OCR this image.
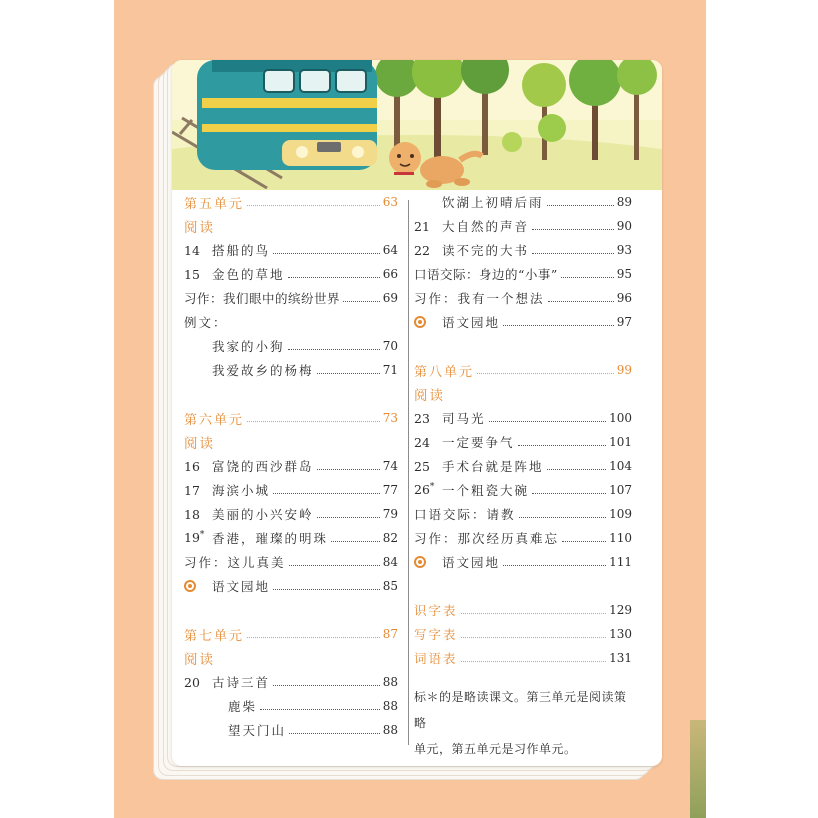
第五单元	63
阅读
14 搭船的鸟	64
15 金色的草地	66
习作：我们眼中的缤纷世界	69
例文：
我家的小狗	70
我爱故乡的杨梅	71
第六单元	73
阅读
16 富饶的西沙群岛	74
17 海滨小城	77
18 美丽的小兴安岭	79
19* 香港，璀璨的明珠	82
习作：这儿真美	84
语文园地	85
第七单元	87
阅读
20 古诗三首	88
鹿柴	88
望天门山	88
饮湖上初晴后雨	89
21 大自然的声音	90
22 读不完的大书	93
口语交际：身边的“小事”	95
习作：我有一个想法	96
语文园地	97
第八单元	99
阅读
23 司马光	100
24 一定要争气	101
25 手术台就是阵地	104
26* 一个粗瓷大碗	107
口语交际：请教	109
习作：那次经历真难忘	110
语文园地	111
识字表	129
写字表	130
词语表	131
标＊的是略读课文。第三单元是阅读策略
单元，第五单元是习作单元。
